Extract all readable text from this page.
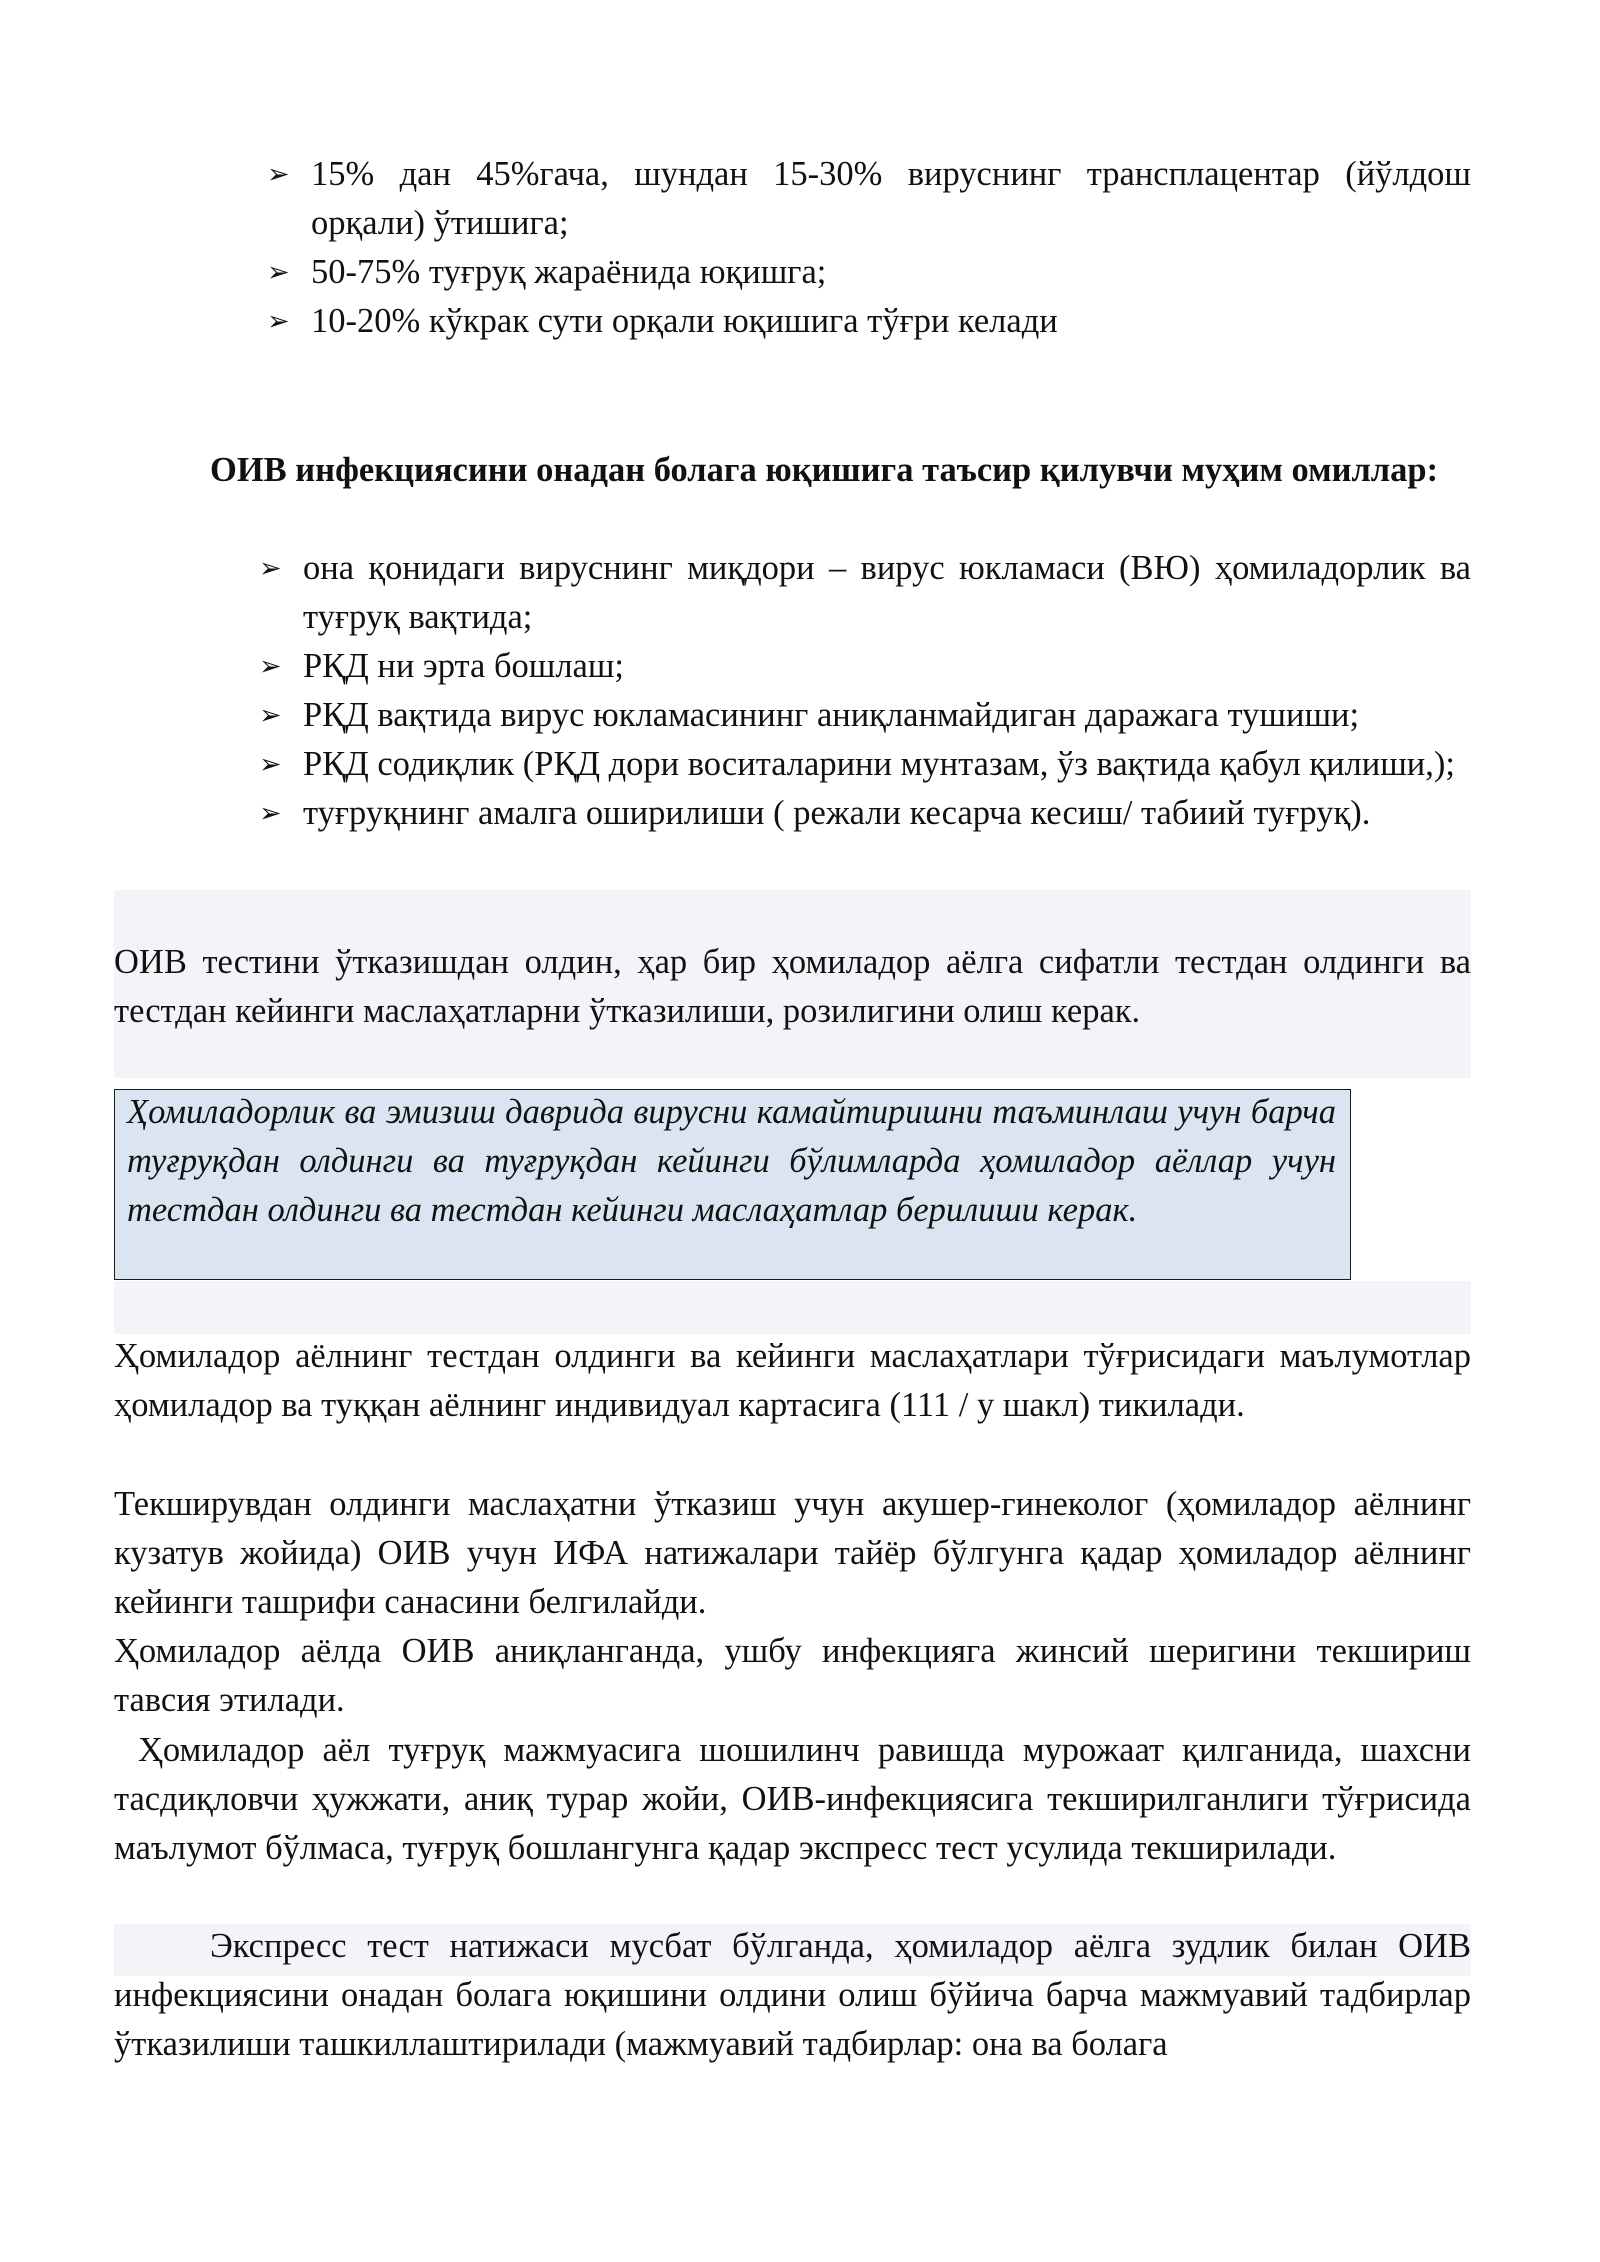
➢ 15% дан 45%гача, шундан 15-30% вируснинг трансплацентар (йўлдош орқали) ўтишига;
➢ 50-75% туғруқ жараёнида юқишга;
➢ 10-20% кўкрак сути орқали юқишига тўғри келади

ОИВ инфекциясини онадан болага юқишига таъсир қилувчи муҳим омиллар:

➢ она қонидаги вируснинг миқдори – вирус юкламаси (ВЮ) ҳомиладорлик ва туғруқ вақтида;
➢ РҚД ни эрта бошлаш;
➢ РҚД вақтида вирус юкламасининг аниқланмайдиган даражага тушиши;
➢ РҚД содиқлик (РҚД дори воситаларини мунтазам, ўз вақтида қабул қилиши,);
➢ туғруқнинг амалга оширилиши ( режали кесарча кесиш/ табиий туғруқ).

ОИВ тестини ўтказишдан олдин, ҳар бир ҳомиладор аёлга сифатли тестдан олдинги ва тестдан кейинги маслаҳатларни ўтказилиши, розилигини олиш керак.

Ҳомиладорлик ва эмизиш даврида вирусни камайтиришни таъминлаш учун барча туғруқдан олдинги ва туғруқдан кейинги бўлимларда ҳомиладор аёллар учун тестдан олдинги ва тестдан кейинги маслаҳатлар берилиши керак.

Ҳомиладор аёлнинг тестдан олдинги ва кейинги маслаҳатлари тўғрисидаги маълумотлар ҳомиладор ва туққан аёлнинг индивидуал картасига (111 / у шакл) тикилади.

Текширувдан олдинги маслаҳатни ўтказиш учун акушер-гинеколог (ҳомиладор аёлнинг кузатув жойида) ОИВ учун ИФА натижалари тайёр бўлгунга қадар ҳомиладор аёлнинг кейинги ташрифи санасини белгилайди.

Ҳомиладор аёлда ОИВ аниқланганда, ушбу инфекцияга жинсий шеригини текшириш тавсия этилади.

Ҳомиладор аёл туғруқ мажмуасига шошилинч равишда мурожаат қилганида, шахсни тасдиқловчи ҳужжати, аниқ турар жойи, ОИВ-инфекциясига текширилганлиги тўғрисида маълумот бўлмаса, туғруқ бошлангунга қадар экспресс тест усулида текширилади.

Экспресс тест натижаси мусбат бўлганда, ҳомиладор аёлга зудлик билан ОИВ инфекциясини онадан болага юқишини олдини олиш бўйича барча мажмуавий тадбирлар ўтказилиши ташкиллаштирилади (мажмуавий тадбирлар: она ва болага
